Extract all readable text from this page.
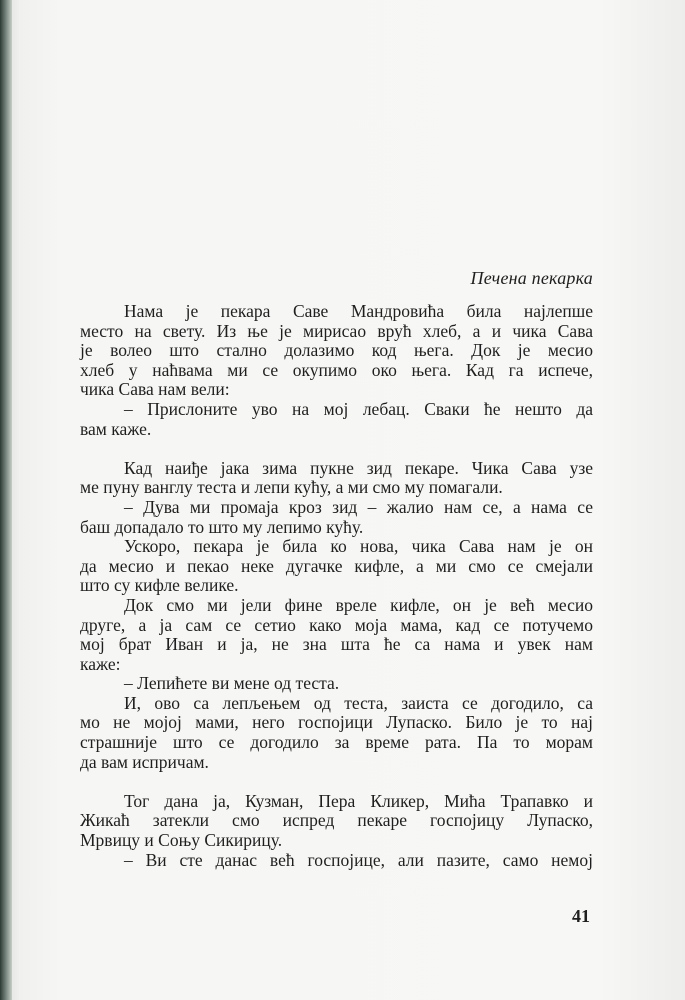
Печена пекарка
Нама је пекара Саве Мандровића била најлепше
место на свету. Из ње је мирисао врућ хлеб, а и чика Сава
је волео што стално долазимо код њега. Док је месио
хлеб у наћвама ми се окупимо око њега. Кад га испече,
чика Сава нам вели:
– Прислоните уво на мој лебац. Сваки ће нешто да
вам каже.
Кад наиђе јака зима пукне зид пекаре. Чика Сава узе
ме пуну ванглу теста и лепи кућу, а ми смо му помагали.
– Дува ми промаја кроз зид – жалио нам се, а нама се
баш допадало то што му лепимо кућу.
Ускоро, пекара је била ко нова, чика Сава нам је он
да месио и пекао неке дугачке кифле, а ми смо се смејали
што су кифле велике.
Док смо ми јели фине вреле кифле, он је већ месио
друге, а ја сам се сетио како моја мама, кад се потучемо
мој брат Иван и ја, не зна шта ће са нама и увек нам
каже:
– Лепићете ви мене од теста.
И, ово са лепљењем од теста, заиста се догодило, са
мо не мојој мами, него госпојици Лупаско. Било је то нај
страшније што се догодило за време рата. Па то морам
да вам испричам.
Тог дана ја, Кузман, Пера Кликер, Мића Трапавко и
Жикаћ затекли смо испред пекаре госпојицу Лупаско,
Мрвицу и Соњу Сикирицу.
– Ви сте данас већ госпојице, али пазите, само немој
41
